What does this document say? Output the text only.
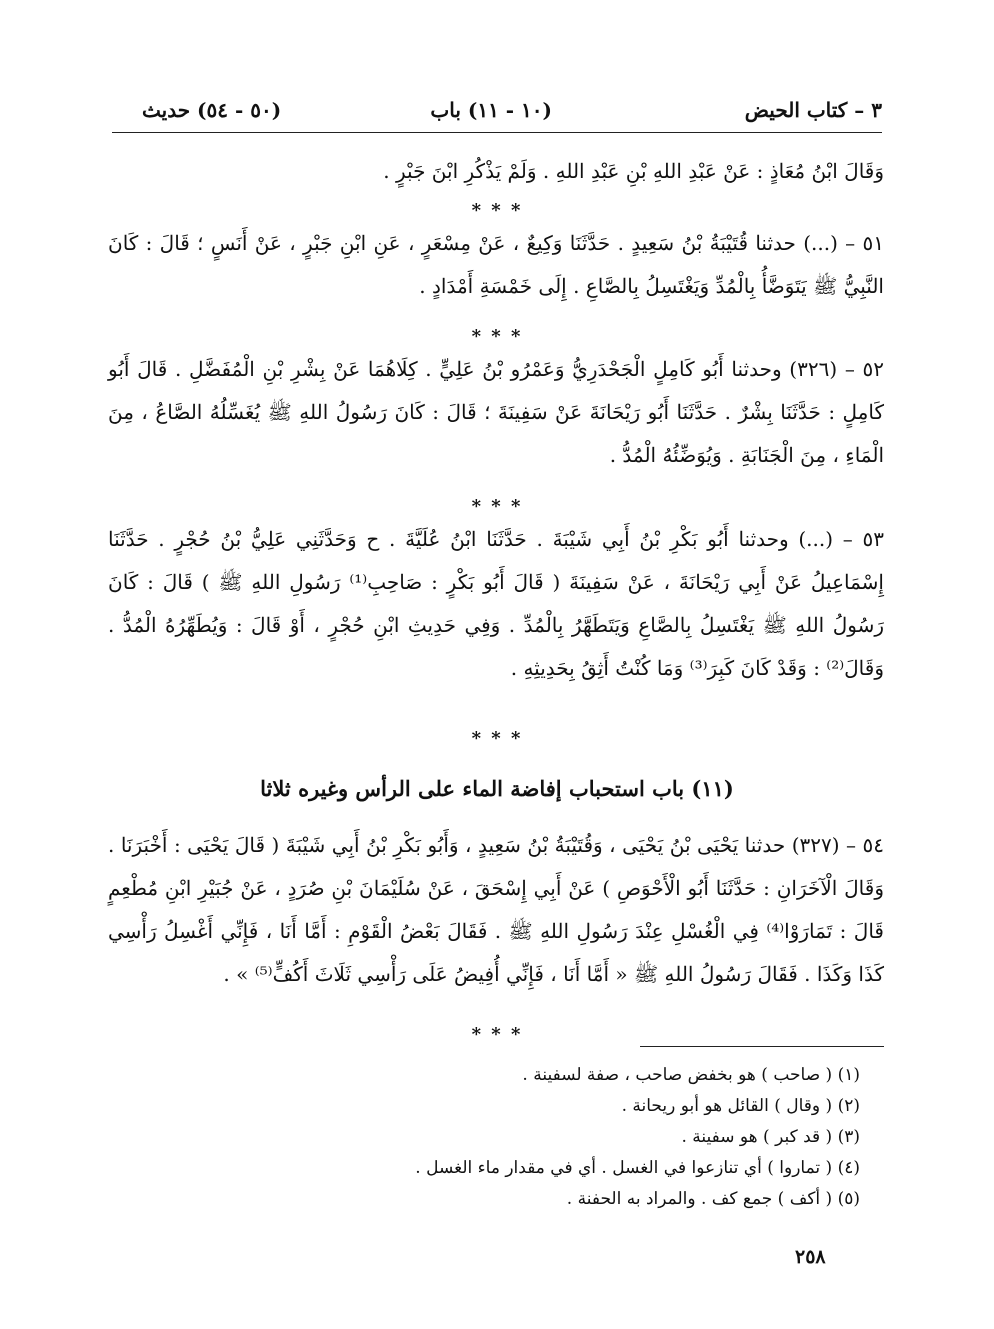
٣ – كتاب الحيض
(١٠ - ١١) باب
(٥٠ - ٥٤) حديث
وَقَالَ ابْنُ مُعَاذٍ : عَنْ عَبْدِ اللهِ بْنِ عَبْدِ اللهِ . وَلَمْ يَذْكُرِ ابْنَ جَبْرٍ .
* * *
٥١ – (...) حدثنا قُتَيْبَةُ بْنُ سَعِيدٍ . حَدَّثَنَا وَكِيعٌ ، عَنْ مِسْعَرٍ ، عَنِ ابْنِ جَبْرٍ ، عَنْ أَنَسٍ ؛ قَالَ : كَانَ النَّبِيُّ ﷺ يَتَوَضَّأُ بِالْمُدِّ وَيَغْتَسِلُ بِالصَّاعِ . إِلَى خَمْسَةِ أَمْدَادٍ .
* * *
٥٢ – (٣٢٦) وحدثنا أَبُو كَامِلٍ الْجَحْدَرِيُّ وَعَمْرُو بْنُ عَلِيٍّ . كِلَاهُمَا عَنْ بِشْرِ بْنِ الْمُفَضَّلِ . قَالَ أَبُو كَامِلٍ : حَدَّثَنَا بِشْرٌ . حَدَّثَنَا أَبُو رَيْحَانَةَ عَنْ سَفِينَةَ ؛ قَالَ : كَانَ رَسُولُ اللهِ ﷺ يُغَسِّلُهُ الصَّاعُ ، مِنَ الْمَاءِ ، مِنَ الْجَنَابَةِ . وَيُوَضِّئُهُ الْمُدُّ .
* * *
٥٣ – (...) وحدثنا أَبُو بَكْرِ بْنُ أَبِي شَيْبَةَ . حَدَّثَنَا ابْنُ عُلَيَّةَ . ح وَحَدَّثَنِي عَلِيُّ بْنُ حُجْرٍ . حَدَّثَنَا إِسْمَاعِيلُ عَنْ أَبِي رَيْحَانَةَ ، عَنْ سَفِينَةَ ( قَالَ أَبُو بَكْرٍ : صَاحِبِ⁽¹⁾ رَسُولِ اللهِ ﷺ ) قَالَ : كَانَ رَسُولُ اللهِ ﷺ يَغْتَسِلُ بِالصَّاعِ وَيَتَطَهَّرُ بِالْمُدِّ . وَفِي حَدِيثِ ابْنِ حُجْرٍ ، أَوْ قَالَ : وَيُطَهِّرُهُ الْمُدُّ . وَقَالَ⁽²⁾ : وَقَدْ كَانَ كَبِرَ⁽³⁾ وَمَا كُنْتُ أَثِقُ بِحَدِيثِهِ .
* * *
(١١) باب استحباب إفاضة الماء على الرأس وغيره ثلاثا
٥٤ – (٣٢٧) حدثنا يَحْيَى بْنُ يَحْيَى ، وَقُتَيْبَةُ بْنُ سَعِيدٍ ، وَأَبُو بَكْرِ بْنُ أَبِي شَيْبَةَ ( قَالَ يَحْيَى : أَخْبَرَنَا . وَقَالَ الْآخَرَانِ : حَدَّثَنَا أَبُو الْأَحْوَصِ ) عَنْ أَبِي إِسْحَقَ ، عَنْ سُلَيْمَانَ بْنِ صُرَدٍ ، عَنْ جُبَيْرِ ابْنِ مُطْعِمٍ قَالَ : تَمَارَوْا⁽⁴⁾ فِي الْغُسْلِ عِنْدَ رَسُولِ اللهِ ﷺ . فَقَالَ بَعْضُ الْقَوْمِ : أَمَّا أَنَا ، فَإِنِّي أَغْسِلُ رَأْسِي كَذَا وَكَذَا . فَقَالَ رَسُولُ اللهِ ﷺ « أَمَّا أَنَا ، فَإِنِّي أُفِيضُ عَلَى رَأْسِي ثَلَاثَ أَكُفٍّ⁽⁵⁾ » .
* * *
(١) ( صاحب ) هو بخفض صاحب ، صفة لسفينة .
(٢) ( وقال ) القائل هو أبو ريحانة .
(٣) ( قد كبر ) هو سفينة .
(٤) ( تماروا ) أي تنازعوا في الغسل . أي في مقدار ماء الغسل .
(٥) ( أكف ) جمع كف . والمراد به الحفنة .
٢٥٨
